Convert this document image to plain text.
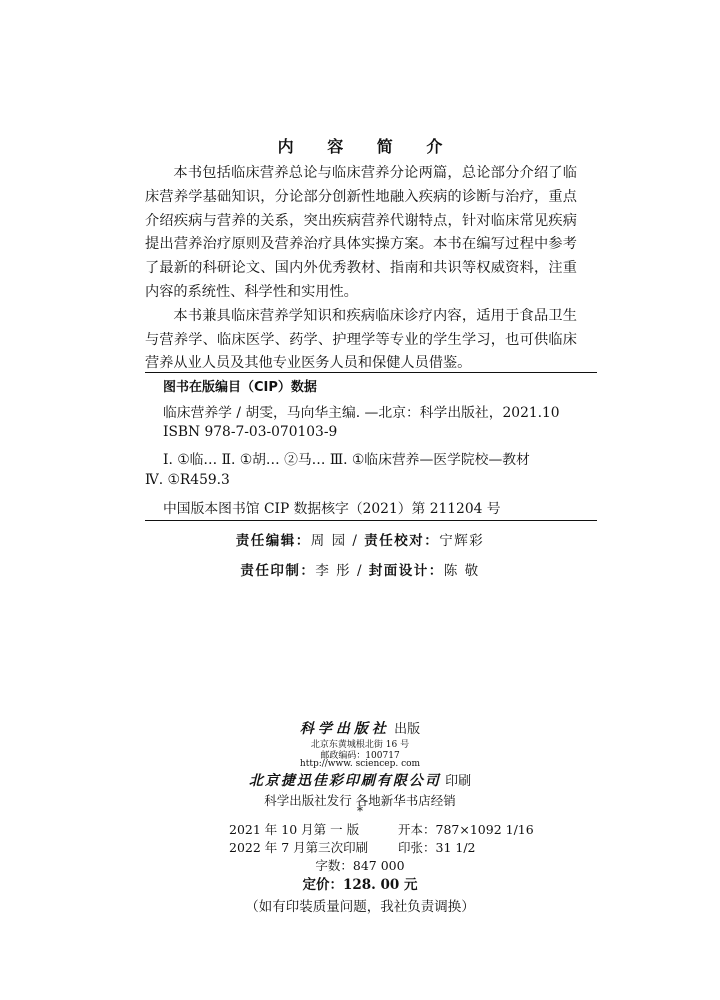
内 容 简 介

本书包括临床营养总论与临床营养分论两篇，总论部分介绍了临床营养学基础知识，分论部分创新性地融入疾病的诊断与治疗，重点介绍疾病与营养的关系，突出疾病营养代谢特点，针对临床常见疾病提出营养治疗原则及营养治疗具体实操方案。本书在编写过程中参考了最新的科研论文、国内外优秀教材、指南和共识等权威资料，注重内容的系统性、科学性和实用性。

本书兼具临床营养学知识和疾病临床诊疗内容，适用于食品卫生与营养学、临床医学、药学、护理学等专业的学生学习，也可供临床营养从业人员及其他专业医务人员和保健人员借鉴。

图书在版编目（CIP）数据
临床营养学 / 胡雯，马向华主编. —北京：科学出版社，2021.10
ISBN 978-7-03-070103-9
Ⅰ. ①临… Ⅱ. ①胡… ②马… Ⅲ. ①临床营养—医学院校—教材
Ⅳ. ①R459.3
中国版本图书馆 CIP 数据核字（2021）第 211204 号
责任编辑：周 园 / 责任校对：宁辉彩
责任印制：李 彤 / 封面设计：陈 敬
科学出版社 出版
北京东黄城根北街 16 号
邮政编码：100717
http://www. sciencep. com
北京捷迅佳彩印刷有限公司 印刷
科学出版社发行 各地新华书店经销
*
2021 年 10 月第 一 版	开本：787×1092 1/16
2022 年 7 月第三次印刷 印张：31 1/2
字数：847 000
定价：128. 00 元
（如有印装质量问题，我社负责调换）
